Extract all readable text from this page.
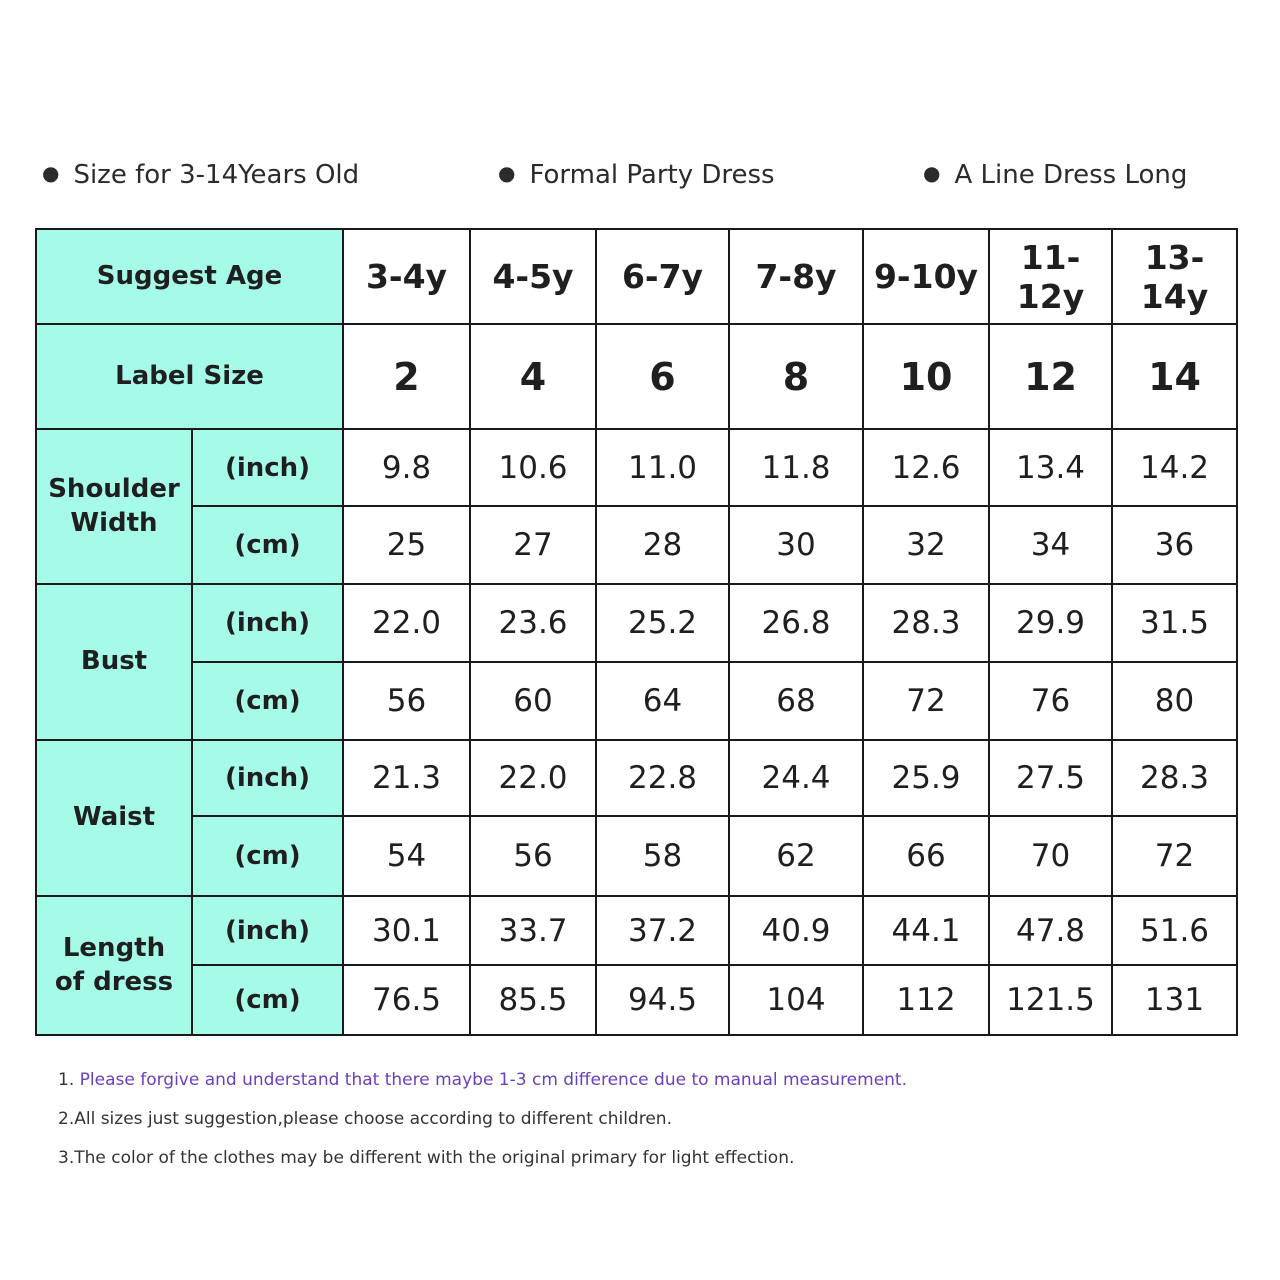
● Size for 3-14Years Old	● Formal Party Dress	● A Line Dress Long
Suggest Age		3-4y	4-5y	6-7y	7-8y	9-10y	11-12y	13-14y
Label Size		2	4	6	8	10	12	14
Shoulder
Width	(inch)	9.8	10.6	11.0	11.8	12.6	13.4	14.2
	(cm)	25	27	28	30	32	34	36
Bust	(inch)	22.0	23.6	25.2	26.8	28.3	29.9	31.5
	(cm)	56	60	64	68	72	76	80
Waist	(inch)	21.3	22.0	22.8	24.4	25.9	27.5	28.3
	(cm)	54	56	58	62	66	70	72
Length
of dress	(inch)	30.1	33.7	37.2	40.9	44.1	47.8	51.6
	(cm)	76.5	85.5	94.5	104	112	121.5	131
1. Please forgive and understand that there maybe 1-3 cm difference due to manual measurement.
2.All sizes just suggestion,please choose according to different children.
3.The color of the clothes may be different with the original primary for light effection.
